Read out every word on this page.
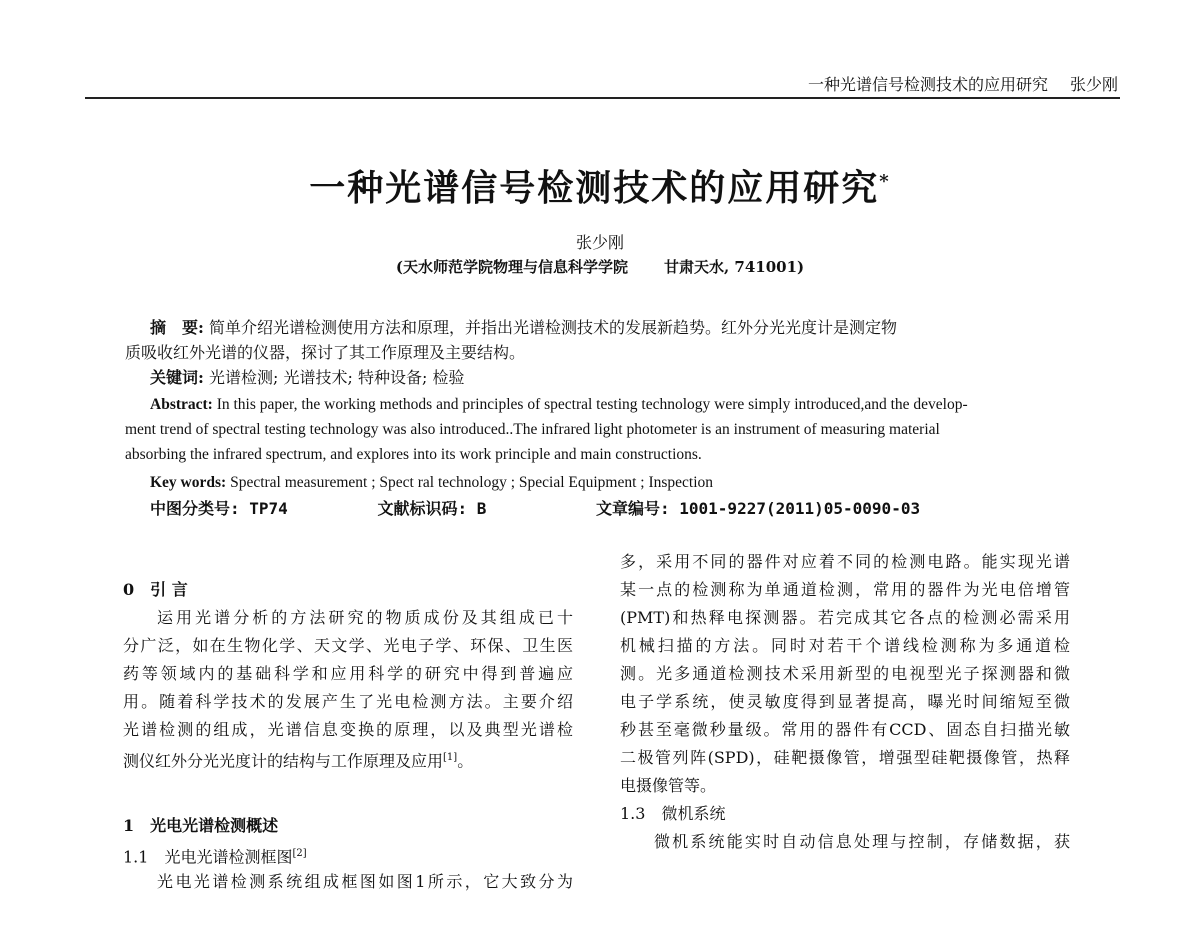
一种光谱信号检测技术的应用研究 张少刚
一种光谱信号检测技术的应用研究*
张少刚
(天水师范学院物理与信息科学学院 甘肃天水, 741001)
摘　要: 简单介绍光谱检测使用方法和原理，并指出光谱检测技术的发展新趋势。红外分光光度计是测定物
质吸收红外光谱的仪器，探讨了其工作原理及主要结构。
关键词: 光谱检测; 光谱技术; 特种设备; 检验
Abstract: In this paper, the working methods and principles of spectral testing technology were simply introduced,and the develop-
ment trend of spectral testing technology was also introduced..The infrared light photometer is an instrument of measuring material
absorbing the infrared spectrum, and explores into its work principle and main constructions.
Key words: Spectral measurement ; Spect ral technology ; Special Equipment ; Inspection
中图分类号: TP74	文献标识码: B	文章编号: 1001-9227(2011)05-0090-03
0　引 言
运用光谱分析的方法研究的物质成份及其组成已十
分广泛，如在生物化学、天文学、光电子学、环保、卫生医
药等领域内的基础科学和应用科学的研究中得到普遍应
用。随着科学技术的发展产生了光电检测方法。主要介绍
光谱检测的组成，光谱信息变换的原理，以及典型光谱检
测仪红外分光光度计的结构与工作原理及应用[1]。
1　光电光谱检测概述
1.1　光电光谱检测框图[2]
光电光谱检测系统组成框图如图1所示，它大致分为
多，采用不同的器件对应着不同的检测电路。能实现光谱
某一点的检测称为单通道检测，常用的器件为光电倍增管
(PMT)和热释电探测器。若完成其它各点的检测必需采用
机械扫描的方法。同时对若干个谱线检测称为多通道检
测。光多通道检测技术采用新型的电视型光子探测器和微
电子学系统，使灵敏度得到显著提高，曝光时间缩短至微
秒甚至毫微秒量级。常用的器件有CCD、固态自扫描光敏
二极管列阵(SPD)，硅靶摄像管，增强型硅靶摄像管，热释
电摄像管等。
1.3　微机系统
微机系统能实时自动信息处理与控制，存储数据，获
